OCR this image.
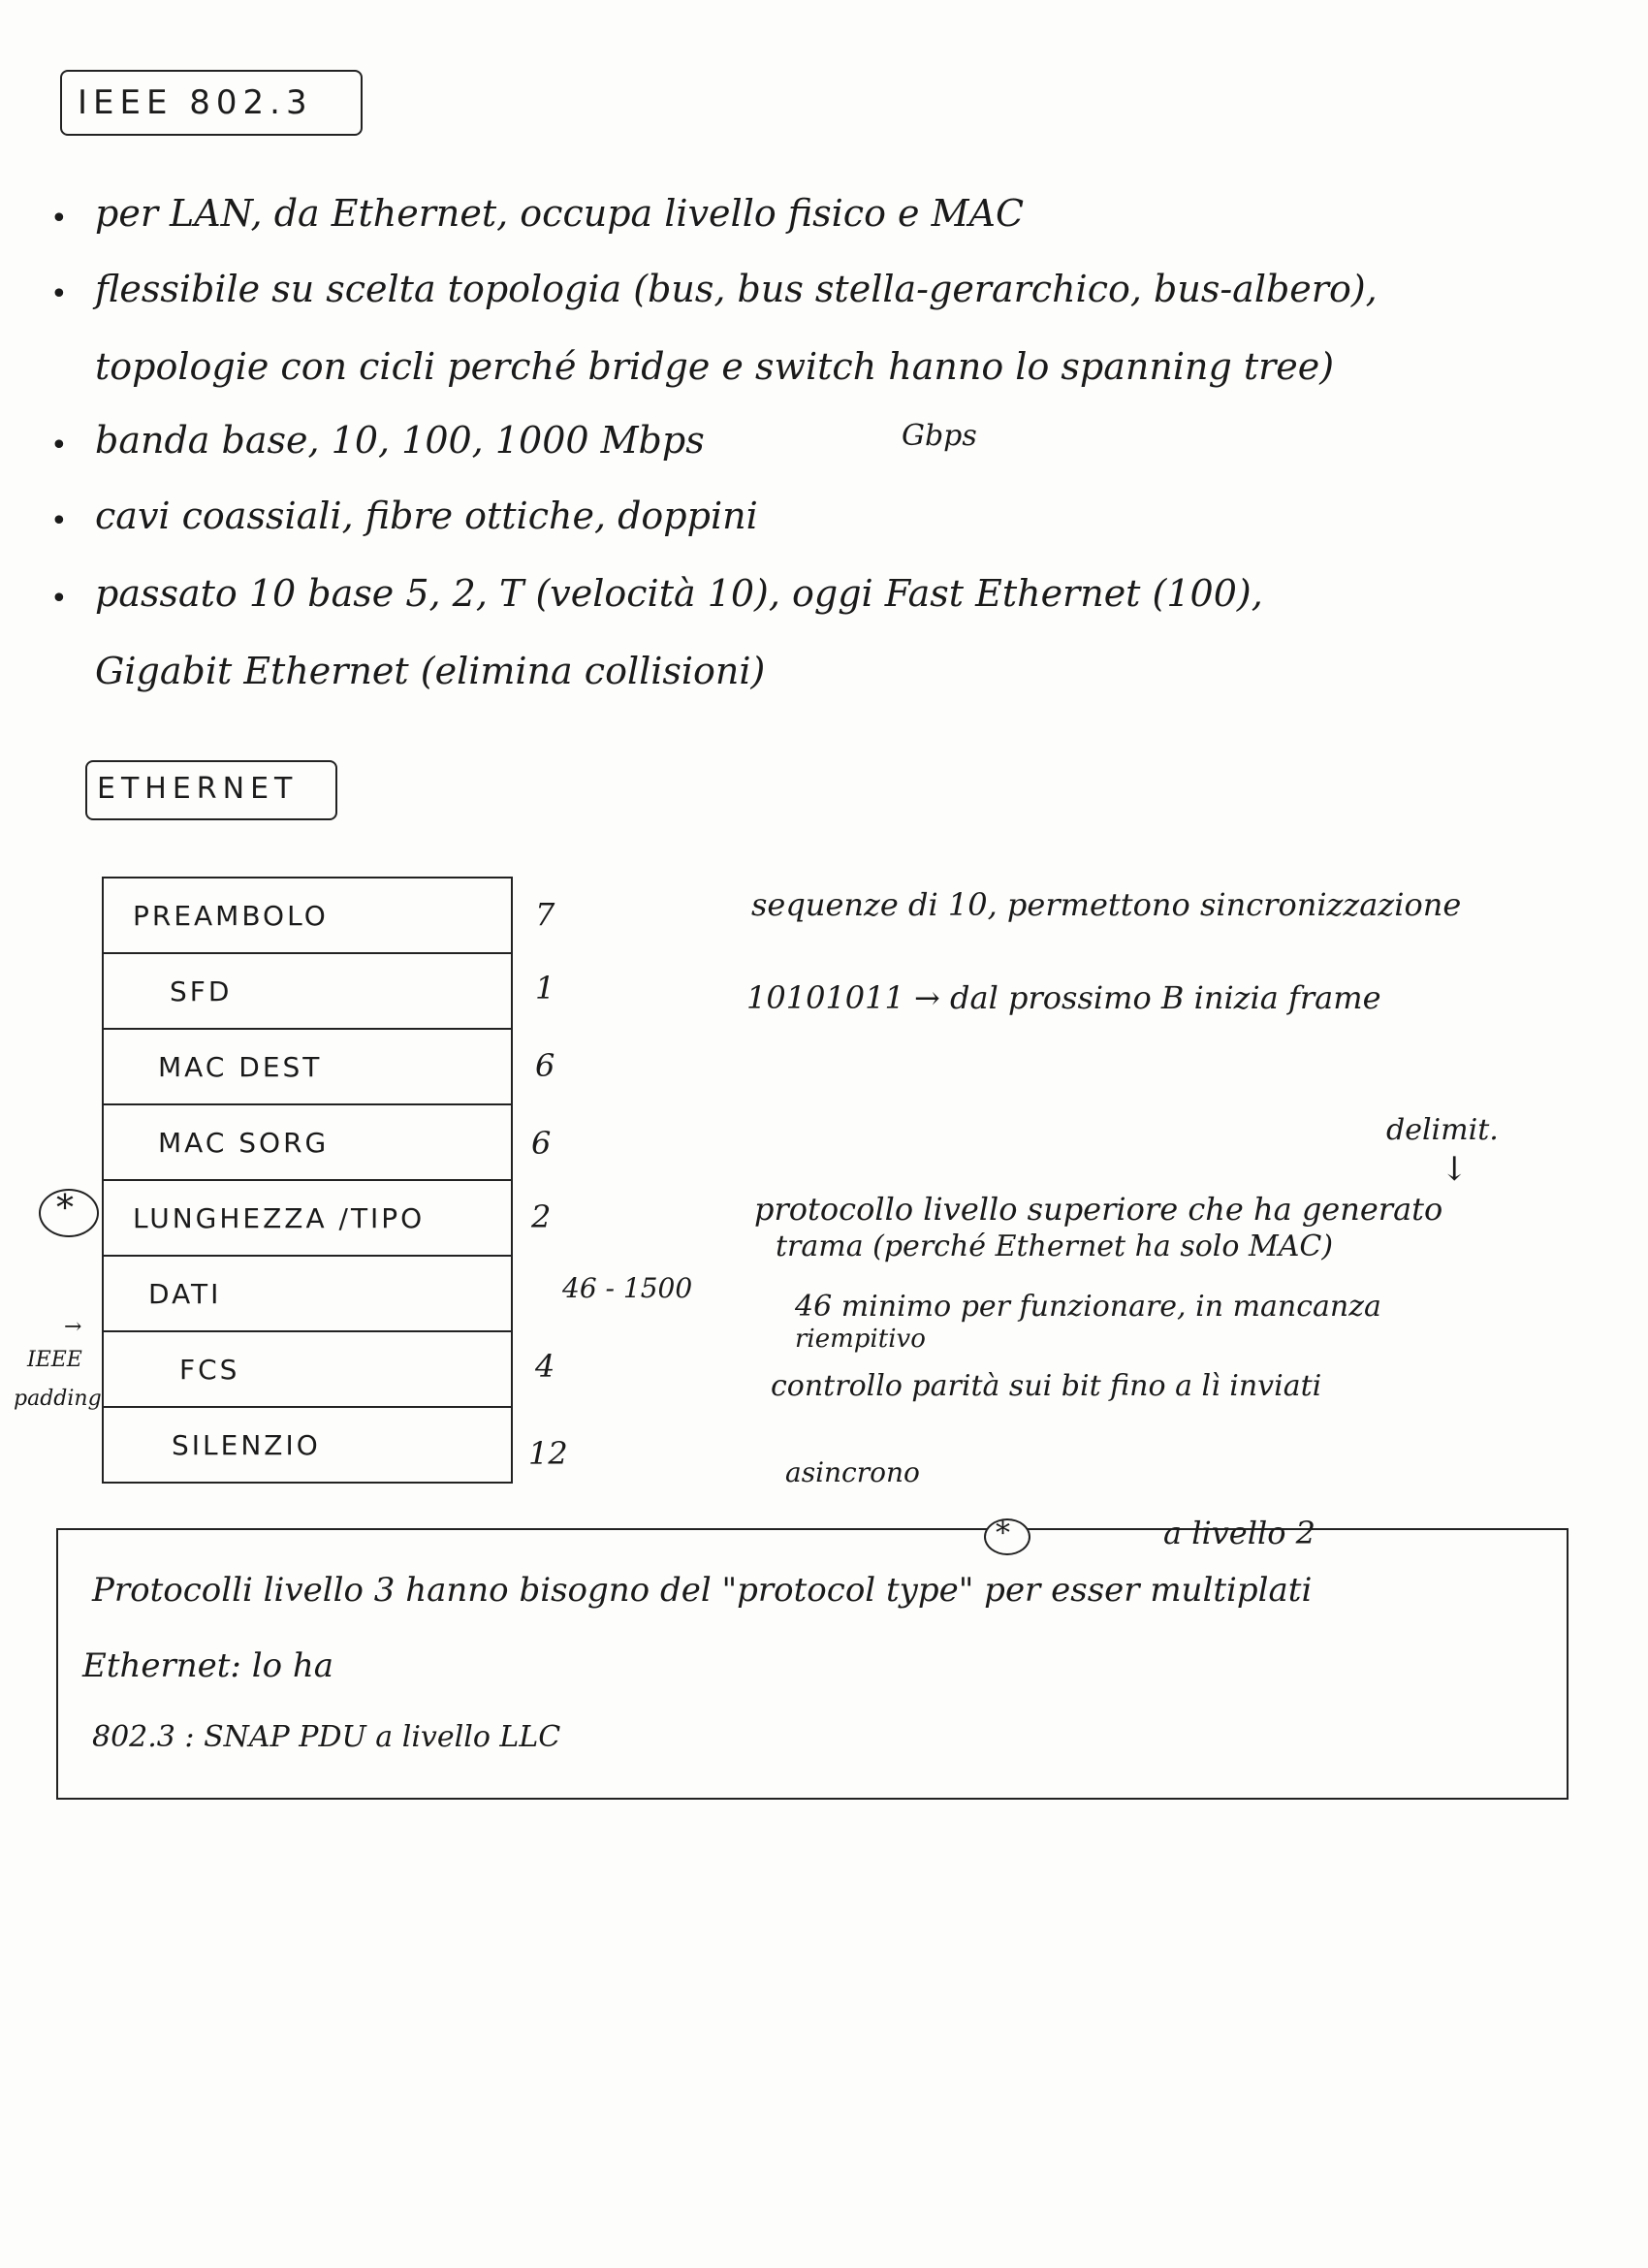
IEEE 802.3
• per LAN, da Ethernet, occupa livello fisico e MAC
• flessibile su scelta topologia (bus, bus stella-gerarchico, bus-albero),
topologie con cicli perché bridge e switch hanno lo spanning tree)
• banda base, 10, 100, 1000 Mbps	Gbps
• cavi coassiali, fibre ottiche, doppini
• passato 10 base 5, 2, T (velocità 10), oggi Fast Ethernet (100),
Gigabit Ethernet (elimina collisioni)
ETHERNET
PREAMBOLO
SFD
MAC DEST
MAC SORG
LUNGHEZZA /TIPO
DATI
FCS
SILENZIO
7
1
6
6
2
46 - 1500
4
12
sequenze di 10, permettono sincronizzazione
10101011 → dal prossimo B inizia frame
delimit.
↓
protocollo livello superiore che ha generato
trama (perché Ethernet ha solo MAC)
46 minimo per funzionare, in mancanza
riempitivo
controllo parità sui bit fino a lì inviati
asincrono
*
IEEE
padding
→
*	a livello 2
Protocolli livello 3 hanno bisogno del "protocol type" per esser multiplati
Ethernet: lo ha
802.3 : SNAP PDU a livello LLC
